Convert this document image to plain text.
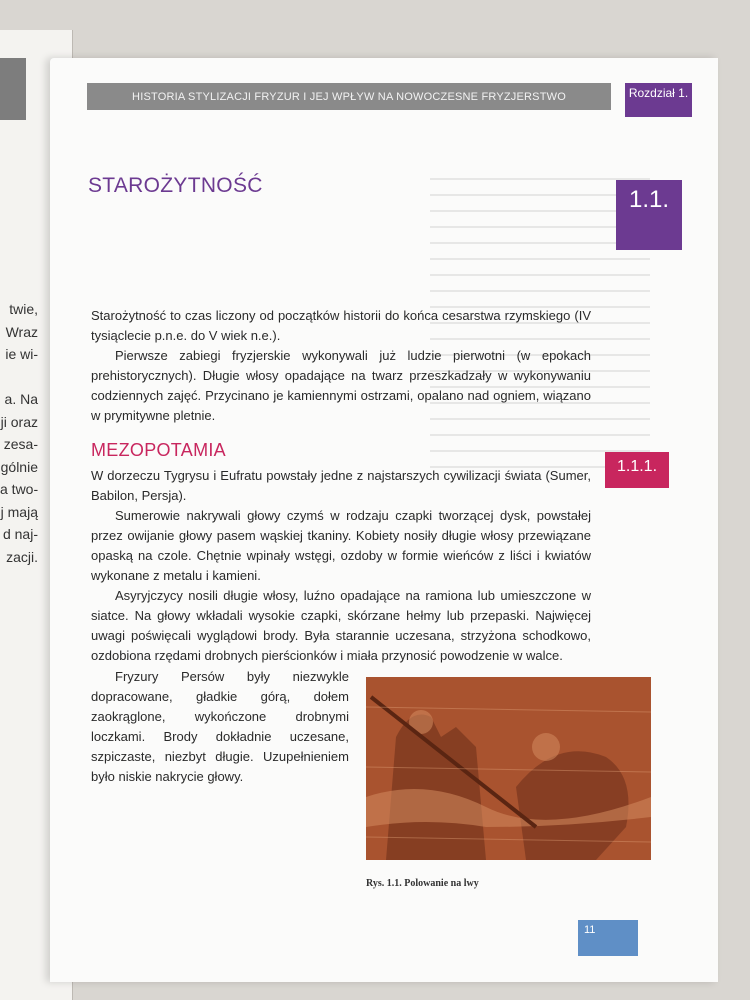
twie,
Wraz
ie wi-

a. Na
ji oraz
zesa-
gólnie
a two-
j mają
d naj-
zacji.
HISTORIA STYLIZACJI FRYZUR I JEJ WPŁYW NA NOWOCZESNE FRYZJERSTWO	Rozdział 1.
STAROŻYTNOŚĆ
1.1.

Starożytność to czas liczony od początków historii do końca cesarstwa rzymskiego (IV tysiąclecie p.n.e. do V wiek n.e.).

Pierwsze zabiegi fryzjerskie wykonywali już ludzie pierwotni (w epokach prehistorycznych). Długie włosy opadające na twarz przeszkadzały w wykonywaniu codziennych zajęć. Przycinano je kamiennymi ostrzami, opalano nad ogniem, wiązano w prymitywne pletnie.

MEZOPOTAMIA
1.1.1.

W dorzeczu Tygrysu i Eufratu powstały jedne z najstarszych cywilizacji świata (Sumer, Babilon, Persja).

Sumerowie nakrywali głowy czymś w rodzaju czapki tworzącej dysk, powstałej przez owijanie głowy pasem wąskiej tkaniny. Kobiety nosiły długie włosy przewiązane opaską na czole. Chętnie wpinały wstęgi, ozdoby w formie wieńców z liści i kwiatów wykonane z metalu i kamieni.

Asyryjczycy nosili długie włosy, luźno opadające na ramiona lub umieszczone w siatce. Na głowy wkładali wysokie czapki, skórzane hełmy lub przepaski. Najwięcej uwagi poświęcali wyglądowi brody. Była starannie uczesana, strzyżona schodkowo, ozdobiona rzędami drobnych pierścionków i miała przynosić powodzenie w walce.

Fryzury Persów były niezwykle dopracowane, gładkie górą, dołem zaokrąglone, wykończone drobnymi loczkami. Brody dokładnie uczesane, szpiczaste, niezbyt długie. Uzupełnieniem było niskie nakrycie głowy.

Rys. 1.1. Polowanie na lwy
11
